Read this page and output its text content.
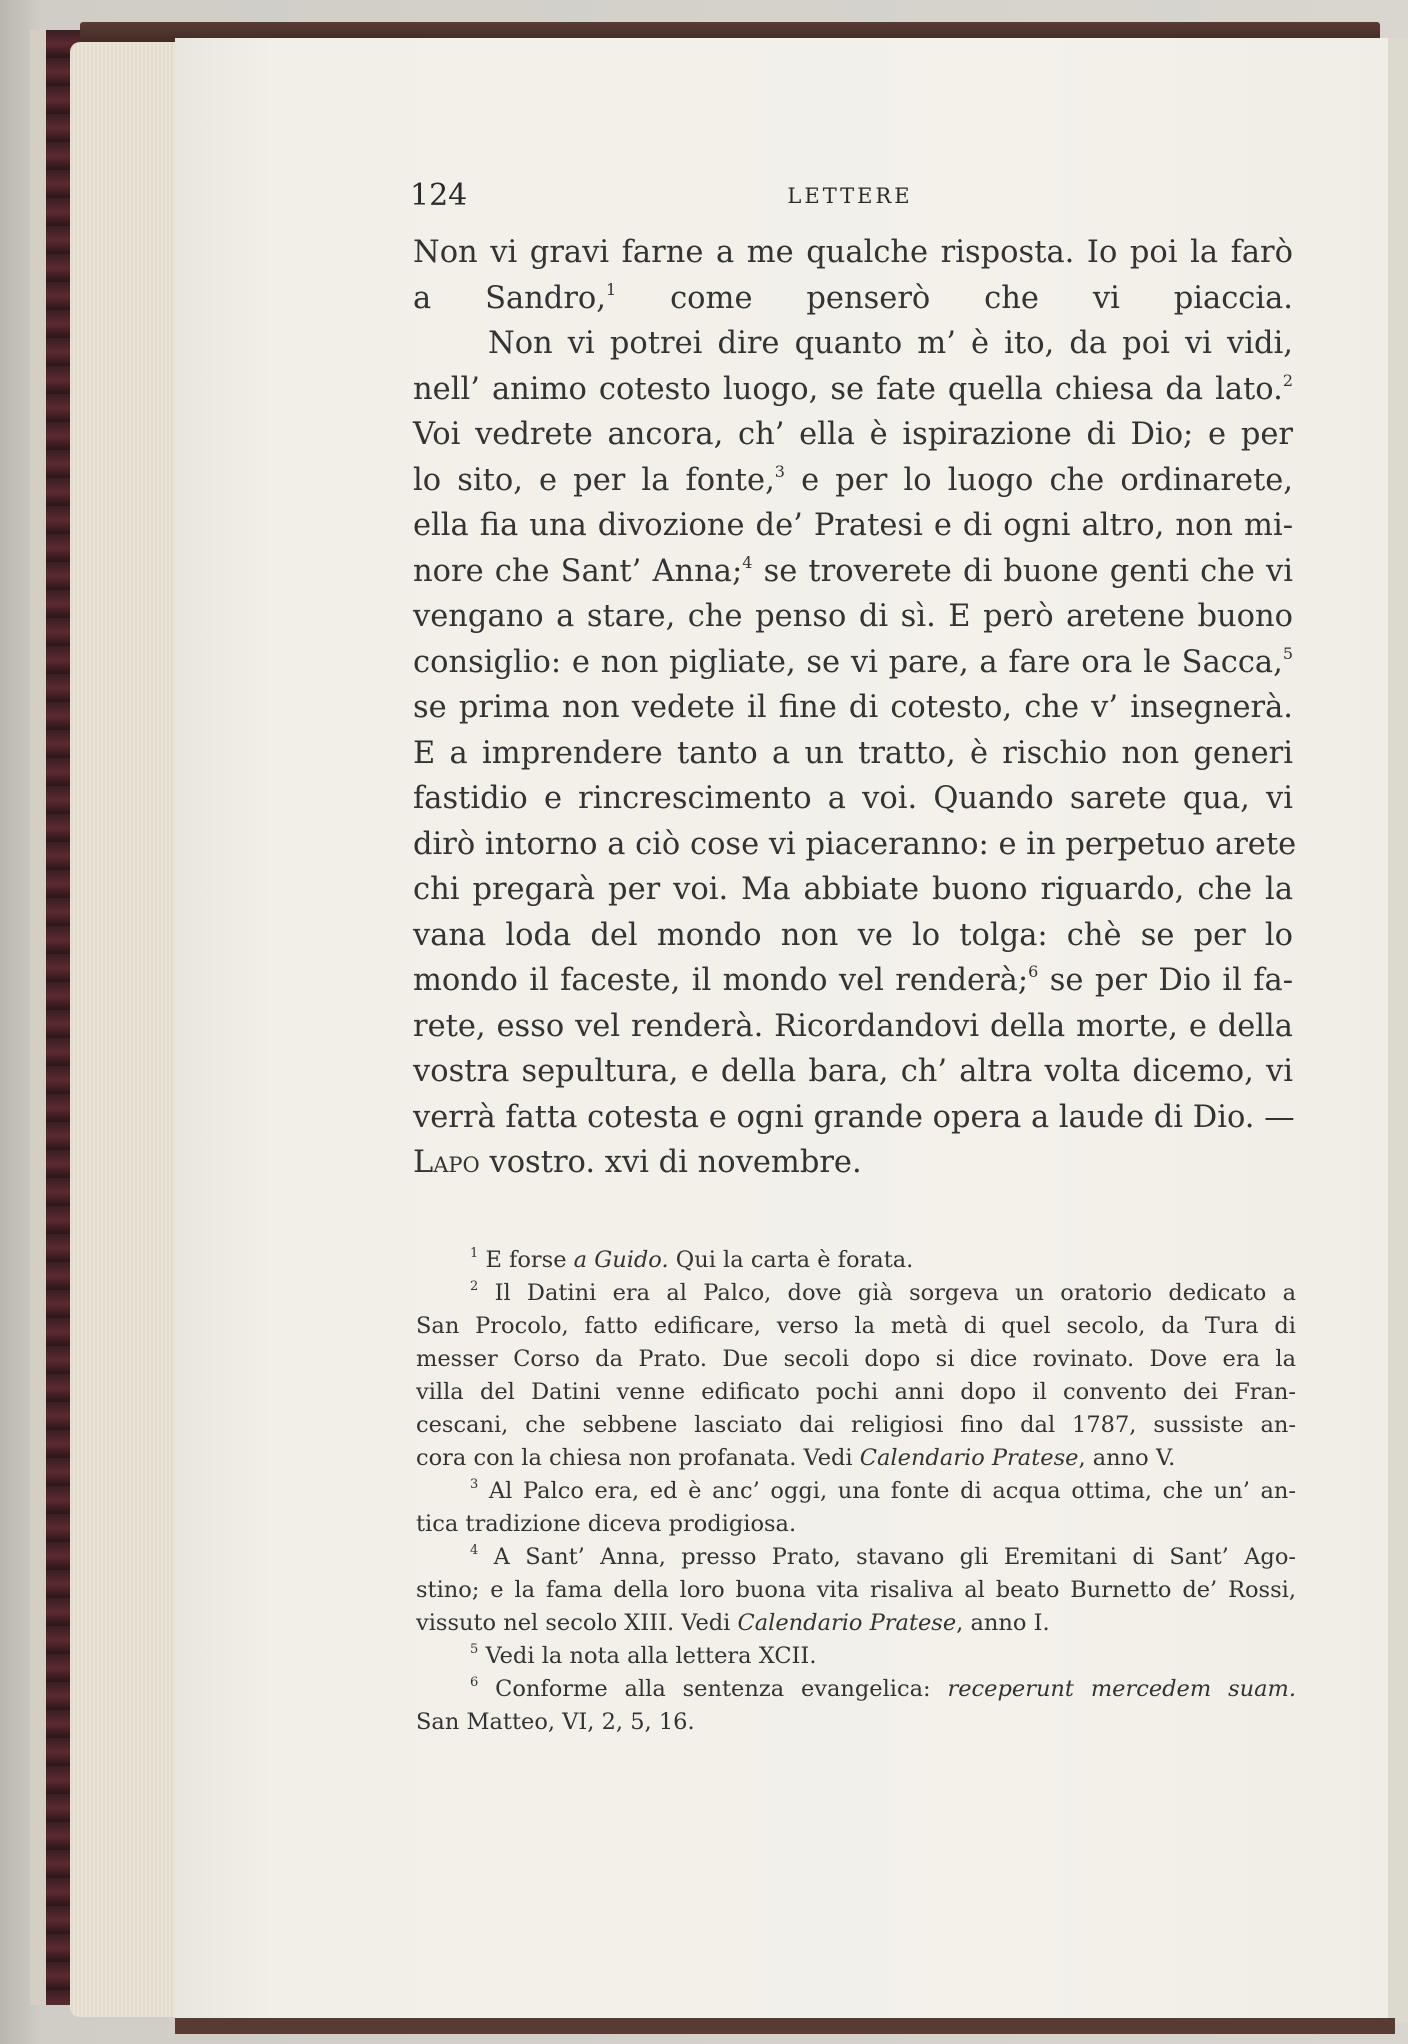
124	LETTERE
Non vi gravi farne a me qualche risposta. Io poi la farò
a Sandro,$^1$ come penserò che vi piaccia.
Non vi potrei dire quanto m’ è ito, da poi vi vidi,
nell’ animo cotesto luogo, se fate quella chiesa da lato.$^2$
Voi vedrete ancora, ch’ ella è ispirazione di Dio; e per
lo sito, e per la fonte,$^3$ e per lo luogo che ordinarete,
ella fia una divozione de’ Pratesi e di ogni altro, non mi-
nore che Sant’ Anna;$^4$ se troverete di buone genti che vi
vengano a stare, che penso di sì. E però aretene buono
consiglio: e non pigliate, se vi pare, a fare ora le Sacca,$^5$
se prima non vedete il fine di cotesto, che v’ insegnerà.
E a imprendere tanto a un tratto, è rischio non generi
fastidio e rincrescimento a voi. Quando sarete qua, vi
dirò intorno a ciò cose vi piaceranno: e in perpetuo arete
chi pregarà per voi. Ma abbiate buono riguardo, che la
vana loda del mondo non ve lo tolga: chè se per lo
mondo il faceste, il mondo vel renderà;$^6$ se per Dio il fa-
rete, esso vel renderà. Ricordandovi della morte, e della
vostra sepultura, e della bara, ch’ altra volta dicemo, vi
verrà fatta cotesta e ogni grande opera a laude di Dio. —
Lapo vostro. xvi di novembre.
$^1$ E forse a Guido. Qui la carta è forata.
$^2$ Il Datini era al Palco, dove già sorgeva un oratorio dedicato a
San Procolo, fatto edificare, verso la metà di quel secolo, da Tura di
messer Corso da Prato. Due secoli dopo si dice rovinato. Dove era la
villa del Datini venne edificato pochi anni dopo il convento dei Fran-
cescani, che sebbene lasciato dai religiosi fino dal 1787, sussiste an-
cora con la chiesa non profanata. Vedi Calendario Pratese, anno V.
$^3$ Al Palco era, ed è anc’ oggi, una fonte di acqua ottima, che un’ an-
tica tradizione diceva prodigiosa.
$^4$ A Sant’ Anna, presso Prato, stavano gli Eremitani di Sant’ Ago-
stino; e la fama della loro buona vita risaliva al beato Burnetto de’ Rossi,
vissuto nel secolo XIII. Vedi Calendario Pratese, anno I.
$^5$ Vedi la nota alla lettera XCII.
$^6$ Conforme alla sentenza evangelica: receperunt mercedem suam.
San Matteo, VI, 2, 5, 16.
